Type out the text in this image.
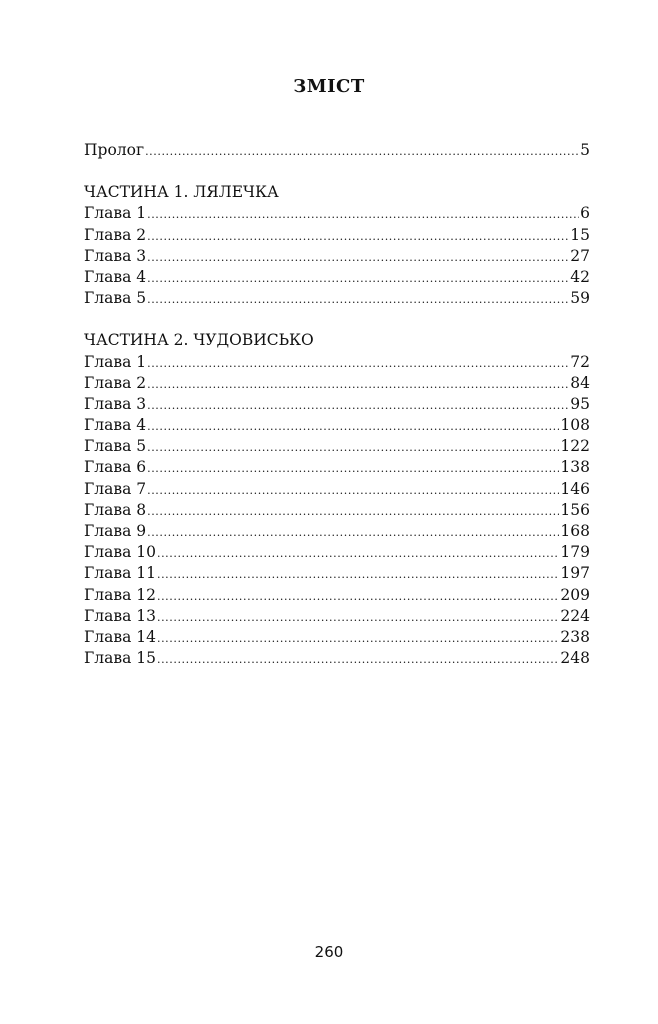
ЗМІСТ
Пролог .....	5
ЧАСТИНА 1. ЛЯЛЕЧКА
Глава 1 .....	6
Глава 2 .....	15
Глава 3 .....	27
Глава 4 .....	42
Глава 5 .....	59
ЧАСТИНА 2. ЧУДОВИСЬКО
Глава 1 .....	72
Глава 2 .....	84
Глава 3 .....	95
Глава 4 .....	108
Глава 5 .....	122
Глава 6 .....	138
Глава 7 .....	146
Глава 8 .....	156
Глава 9 .....	168
Глава 10 .....	179
Глава 11 .....	197
Глава 12 .....	209
Глава 13 .....	224
Глава 14 .....	238
Глава 15 .....	248
260
